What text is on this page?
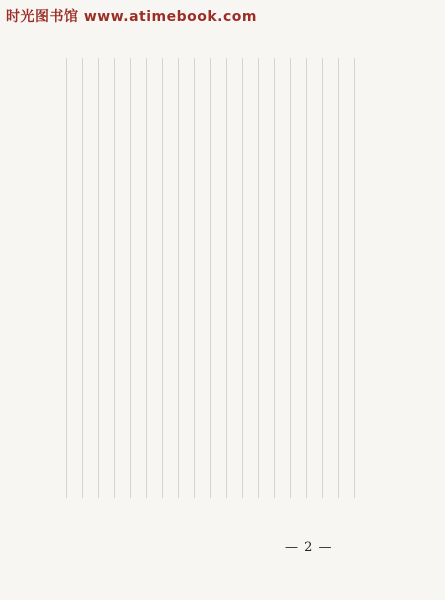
时光图书馆 www.atimebook.com
— 2 —
